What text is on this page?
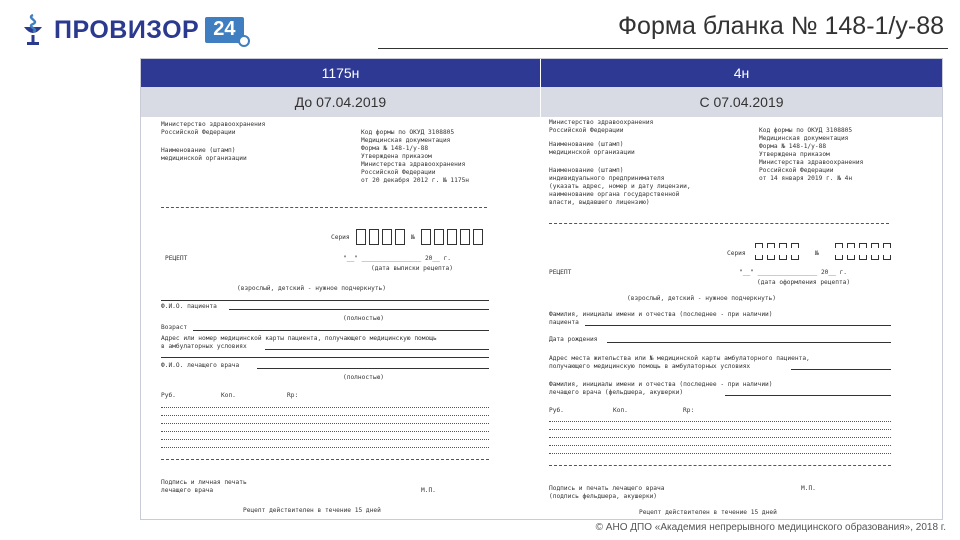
ПРОВИЗОР 24	Форма бланка № 148-1/у-88
1175н	4н
До 07.04.2019	С 07.04.2019
Министерство здравоохранения
Российской Федерации
Наименование (штамп)
медицинской организации
Код формы по ОКУД 3108805
Медицинская документация
Форма № 148-1/у-88
Утверждена приказом
Министерства здравоохранения
Российской Федерации
от 20 декабря 2012 г. № 1175н
Серия	№
РЕЦЕПТ	"__" ________________ 20__ г.
(дата выписки рецепта)
(взрослый, детский - нужное подчеркнуть)
Ф.И.О. пациента
(полностью)
Возраст
Адрес или номер медицинской карты пациента, получающего медицинскую помощь
в амбулаторных условиях
Ф.И.О. лечащего врача
(полностью)
Руб.	Коп.	Rp:
Подпись и личная печать
лечащего врача	М.П.
Рецепт действителен в течение 15 дней
Министерство здравоохранения
Российской Федерации
Наименование (штамп)
медицинской организации
Наименование (штамп)
индивидуального предпринимателя
(указать адрес, номер и дату лицензии,
наименование органа государственной
власти, выдавшего лицензию)
Код формы по ОКУД 3108805
Медицинская документация
Форма № 148-1/у-88
Утверждена приказом
Министерства здравоохранения
Российской Федерации
от 14 января 2019 г. № 4н
Серия	№
РЕЦЕПТ	"__" ________________ 20__ г.
(дата оформления рецепта)
(взрослый, детский - нужное подчеркнуть)
Фамилия, инициалы имени и отчества (последнее - при наличии)
пациента
Дата рождения
Адрес места жительства или № медицинской карты амбулаторного пациента,
получающего медицинскую помощь в амбулаторных условиях
Фамилия, инициалы имени и отчества (последнее - при наличии)
лечащего врача (фельдшера, акушерки)
Руб.	Коп.	Rp:
Подпись и печать лечащего врача
(подпись фельдшера, акушерки)
М.П.
Рецепт действителен в течение 15 дней
© АНО ДПО «Академия непрерывного медицинского образования», 2018 г.
